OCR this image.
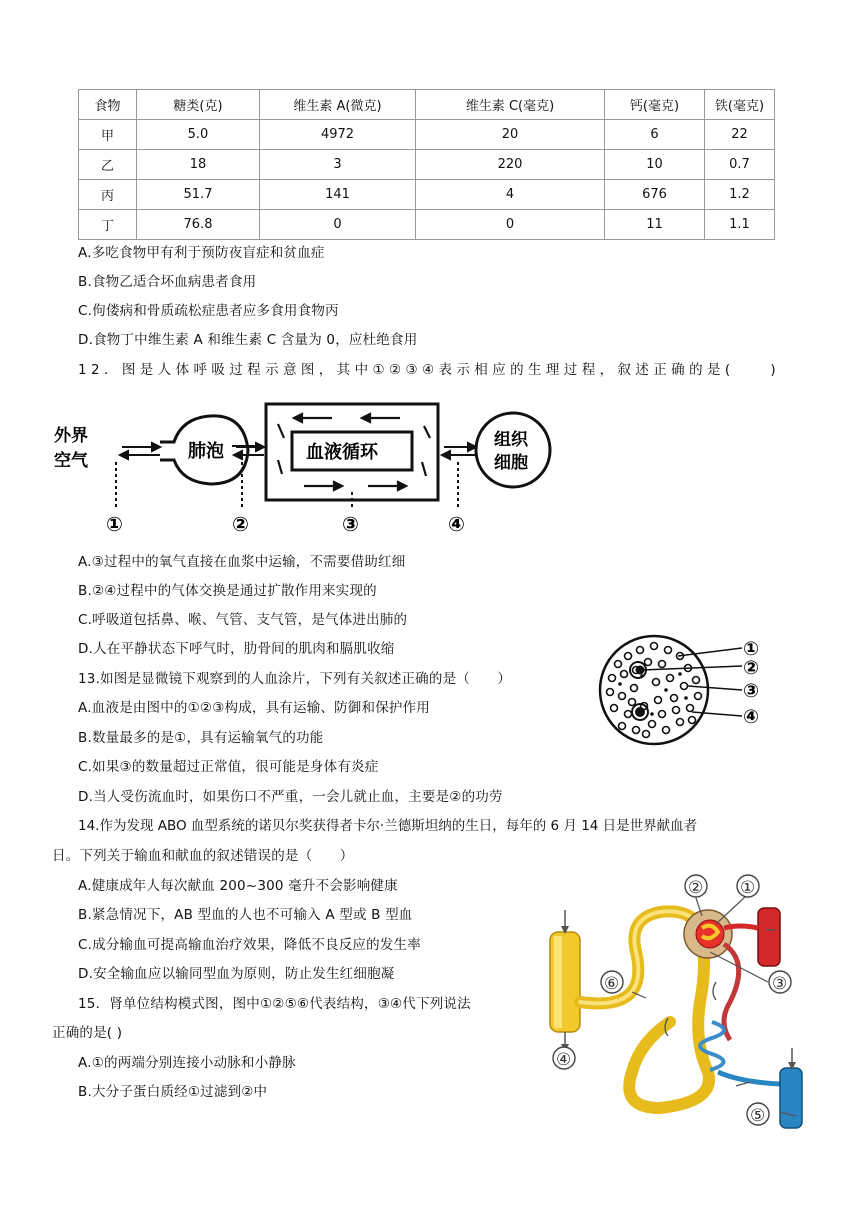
食物	糖类(克)	维生素 A(微克)	维生素 C(毫克)	钙(毫克)	铁(毫克)
甲	5.0	4972	20	6	22
乙	18	3	220	10	0.7
丙	51.7	141	4	676	1.2
丁	76.8	0	0	11	1.1
A.多吃食物甲有利于预防夜盲症和贫血症
B.食物乙适合坏血病患者食用
C.佝偻病和骨质疏松症患者应多食用食物丙
D.食物丁中维生素 A 和维生素 C 含量为 0，应杜绝食用
12．图是人体呼吸过程示意图，其中①②③④表示相应的生理过程，叙述正确的是(　　)
外界
空气	肺泡	血液循环
组织
细胞
①	②	③	④
A.③过程中的氧气直接在血浆中运输，不需要借助红细
B.②④过程中的气体交换是通过扩散作用来实现的
C.呼吸道包括鼻、喉、气管、支气管，是气体进出肺的
D.人在平静状态下呼气时，肋骨间的肌肉和膈肌收缩	①
②
③
④
13.如图是显微镜下观察到的人血涂片，下列有关叙述正确的是（　　）
A.血液是由图中的①②③构成，具有运输、防御和保护作用
B.数量最多的是①，具有运输氧气的功能
C.如果③的数量超过正常值，很可能是身体有炎症
D.当人受伤流血时，如果伤口不严重，一会儿就止血，主要是②的功劳
14.作为发现 ABO 血型系统的诺贝尔奖获得者卡尔·兰德斯坦纳的生日，每年的 6 月 14 日是世界献血者
日。下列关于输血和献血的叙述错误的是（　　）
A.健康成年人每次献血 200~300 毫升不会影响健康
B.紧急情况下，AB 型血的人也不可输入 A 型或 B 型血
C.成分输血可提高输血治疗效果，降低不良反应的发生率
D.安全输血应以输同型血为原则，防止发生红细胞凝
② ①
③
④
⑤
⑥
15．肾单位结构模式图，图中①②⑤⑥代表结构，③④代下列说法
正确的是( )
A.①的两端分别连接小动脉和小静脉
B.大分子蛋白质经①过滤到②中
